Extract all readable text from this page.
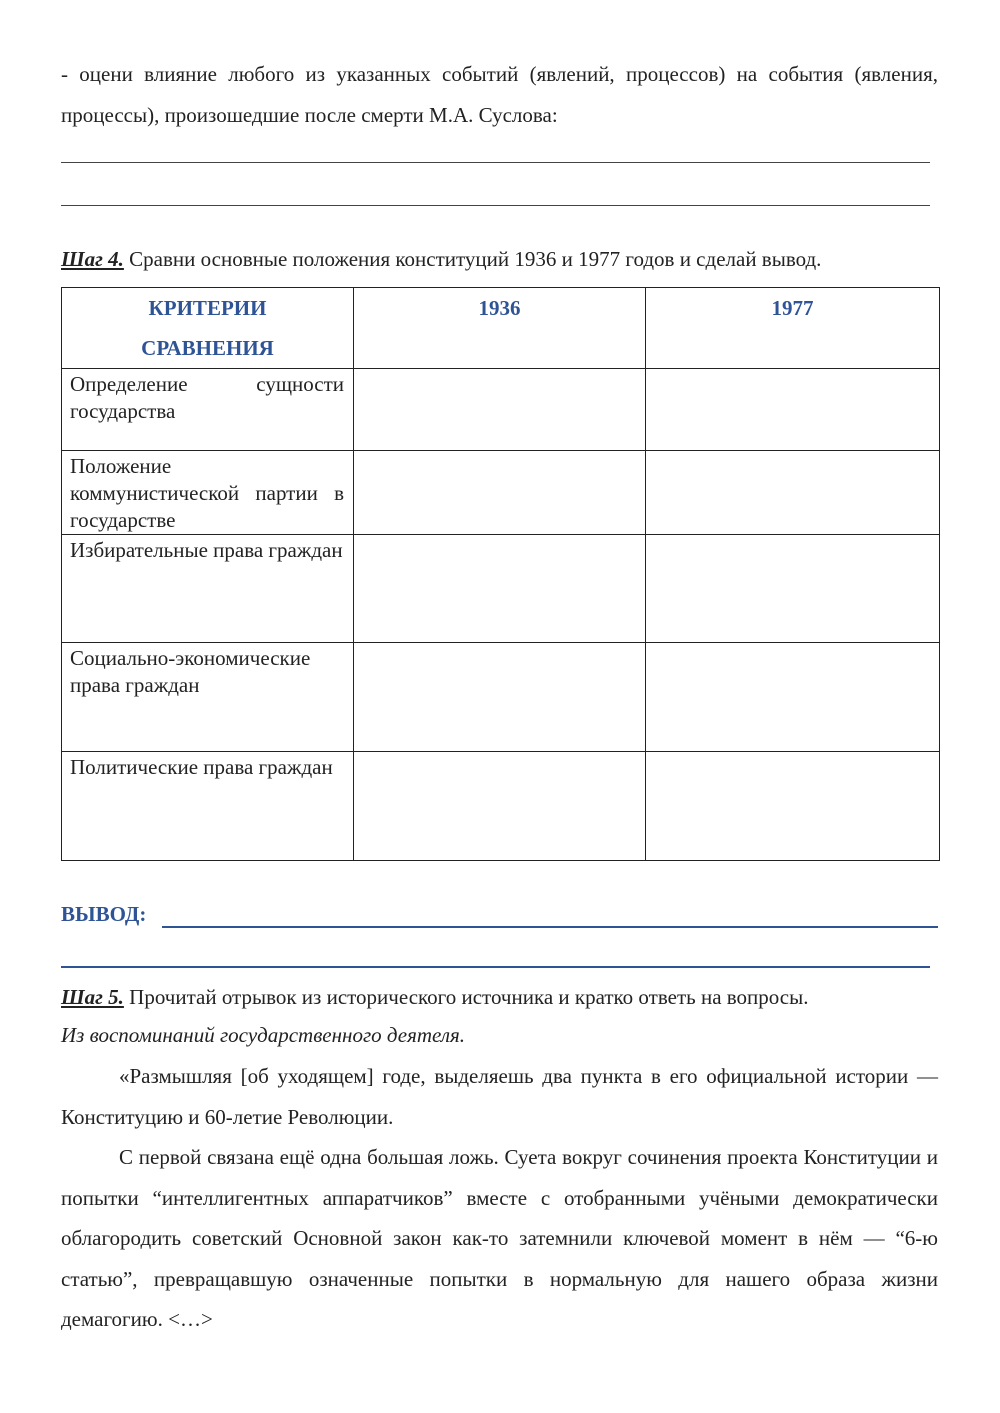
- оцени влияние любого из указанных событий (явлений, процессов) на события (явления, процессы), произошедшие после смерти М.А. Суслова:
Шаг 4. Сравни основные положения конституций 1936 и 1977 годов и сделай вывод.
КРИТЕРИИ
СРАВНЕНИЯ	1936	1977

Определение сущности государства		
Положение коммунистической партии в государстве		
Избирательные права граждан		
Социально-экономические права граждан		
Политические права граждан		
ВЫВОД:
Шаг 5. Прочитай отрывок из исторического источника и кратко ответь на вопросы.
Из воспоминаний государственного деятеля.
«Размышляя [об уходящем] годе, выделяешь два пункта в его официальной истории — Конституцию и 60-летие Революции.
С первой связана ещё одна большая ложь. Суета вокруг сочинения проекта Конституции и попытки “интеллигентных аппаратчиков” вместе с отобранными учёными демократически облагородить советский Основной закон как-то затемнили ключевой момент в нём — “6-ю статью”, превращавшую означенные попытки в нормальную для нашего образа жизни демагогию. <…>
